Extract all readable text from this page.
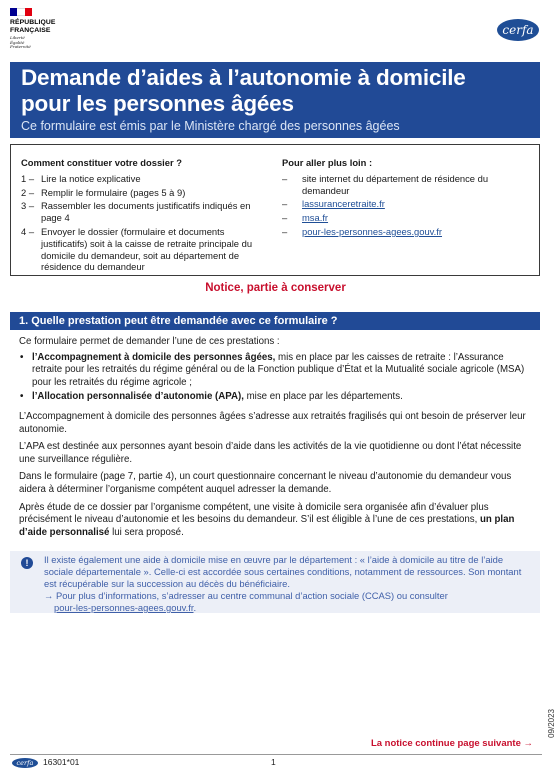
RÉPUBLIQUE
FRANÇAISE
Liberté
Égalité
Fraternité
cerfa
Demande d’aides à l’autonomie à domicile
pour les personnes âgées
Ce formulaire est émis par le Ministère chargé des personnes âgées
Comment constituer votre dossier ?
1 – Lire la notice explicative
2 – Remplir le formulaire (pages 5 à 9)
3 – Rassembler les documents justificatifs indiqués en page 4
4 – Envoyer le dossier (formulaire et documents justificatifs) soit à la caisse de retraite principale du domicile du demandeur, soit au département de résidence du demandeur
Pour aller plus loin :
–	site internet du département de résidence du demandeur
–	lassuranceretraite.fr
–	msa.fr
–	pour-les-personnes-agees.gouv.fr
Notice, partie à conserver
1. Quelle prestation peut être demandée avec ce formulaire ?

Ce formulaire permet de demander l’une de ces prestations :

• l’Accompagnement à domicile des personnes âgées, mis en place par les caisses de retraite : l’Assurance retraite pour les retraités du régime général ou de la Fonction publique d’État et la Mutualité sociale agricole (MSA) pour les retraités du régime agricole ;
• l’Allocation personnalisée d’autonomie (APA), mise en place par les départements.

L’Accompagnement à domicile des personnes âgées s’adresse aux retraités fragilisés qui ont besoin de préserver leur autonomie.

L’APA est destinée aux personnes ayant besoin d’aide dans les activités de la vie quotidienne ou dont l’état nécessite une surveillance régulière.

Dans le formulaire (page 7, partie 4), un court questionnaire concernant le niveau d’autonomie du demandeur vous aidera à déterminer l’organisme compétent auquel adresser la demande.

Après étude de ce dossier par l’organisme compétent, une visite à domicile sera organisée afin d’évaluer plus précisément le niveau d’autonomie et les besoins du demandeur. S’il est éligible à l’une de ces prestations, un plan d’aide personnalisé lui sera proposé.

!	Il existe également une aide à domicile mise en œuvre par le département : « l’aide à domicile au titre de l’aide sociale départementale ». Celle-ci est accordée sous certaines conditions, notamment de ressources. Son montant est récupérable sur la succession au décès du bénéficiaire.
→ Pour plus d’informations, s’adresser au centre communal d’action sociale (CCAS) ou consulter
pour-les-personnes-agees.gouv.fr.
09/2023
La notice continue page suivante →
cerfa	16301*01	1
